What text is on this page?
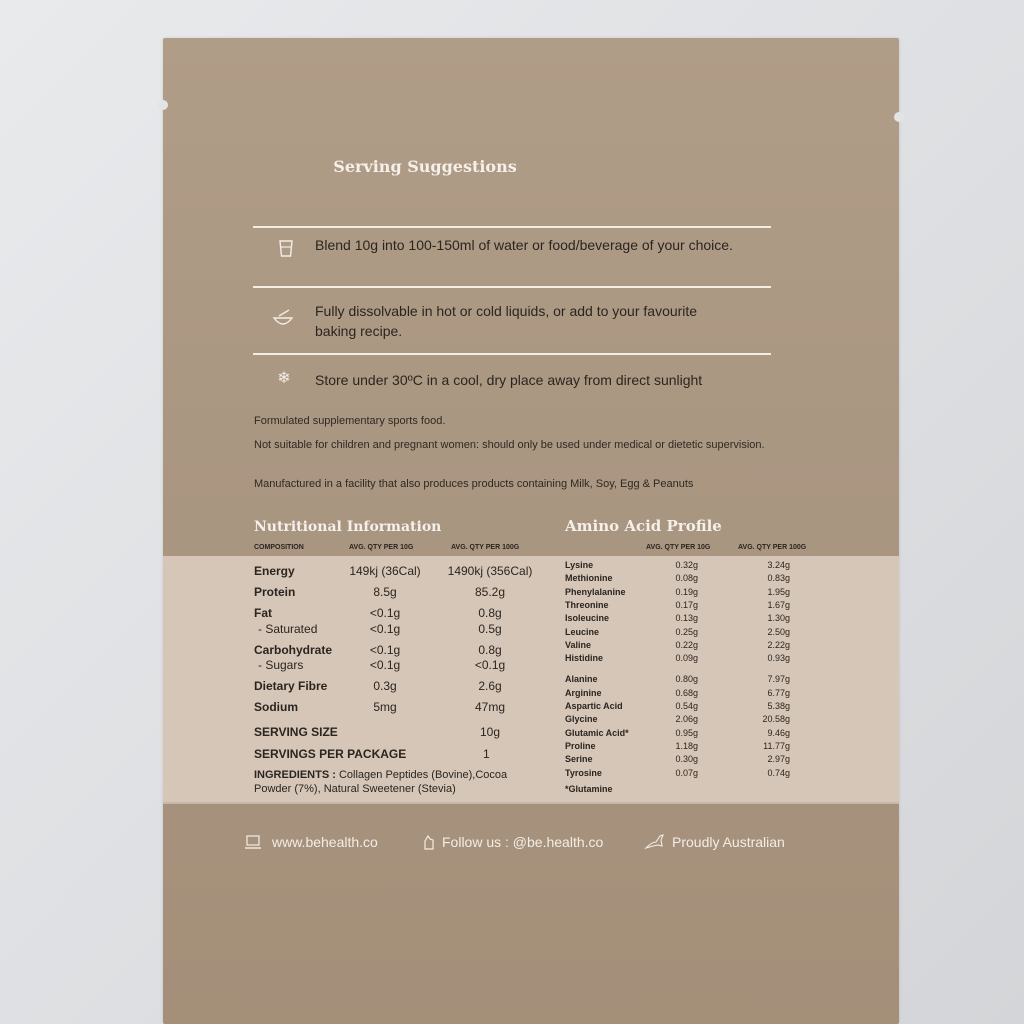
Serving Suggestions
Blend 10g into 100-150ml of water or food/beverage of your choice.
Fully dissolvable in hot or cold liquids, or add to your favourite baking recipe.
❄ Store under 30ºC in a cool, dry place away from direct sunlight
Formulated supplementary sports food.
Not suitable for children and pregnant women: should only be used under medical or dietetic supervision.
Manufactured in a facility that also produces products containing Milk, Soy, Egg & Peanuts
Nutritional Information
COMPOSITION	AVG. QTY PER 10G	AVG. QTY PER 100G
Energy	149kj (36Cal)	1490kj (356Cal)
Protein	8.5g	85.2g
Fat	<0.1g	0.8g
- Saturated	<0.1g	0.5g
Carbohydrate	<0.1g	0.8g
- Sugars	<0.1g	<0.1g
Dietary Fibre	0.3g	2.6g
Sodium	5mg	47mg
SERVING SIZE	10g
SERVINGS PER PACKAGE	1
INGREDIENTS : Collagen Peptides (Bovine),Cocoa
Powder (7%), Natural Sweetener (Stevia)
Amino Acid Profile
AVG. QTY PER 10G	AVG. QTY PER 100G
Lysine	0.32g	3.24g
Methionine	0.08g	0.83g
Phenylalanine	0.19g	1.95g
Threonine	0.17g	1.67g
Isoleucine	0.13g	1.30g
Leucine	0.25g	2.50g
Valine	0.22g	2.22g
Histidine	0.09g	0.93g
Alanine	0.80g	7.97g
Arginine	0.68g	6.77g
Aspartic Acid	0.54g	5.38g
Glycine	2.06g	20.58g
Glutamic Acid*	0.95g	9.46g
Proline	1.18g	11.77g
Serine	0.30g	2.97g
Tyrosine	0.07g	0.74g
*Glutamine
www.behealth.co	Follow us : @be.health.co	Proudly Australian
